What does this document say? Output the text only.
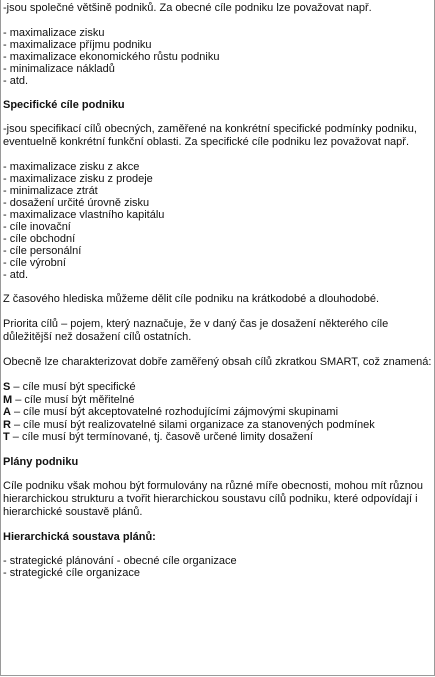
-jsou společné většině podniků. Za obecné cíle podniku lze považovat např.

- maximalizace zisku
- maximalizace příjmu podniku
- maximalizace ekonomického růstu podniku
- minimalizace nákladů
- atd.
Specifické cíle podniku

-jsou specifikací cílů obecných, zaměřené na konkrétní specifické podmínky podniku, eventuelně konkrétní funkční oblasti. Za specifické cíle podniku lez považovat např.

- maximalizace zisku z akce
- maximalizace zisku z prodeje
- minimalizace ztrát
- dosažení určité úrovně zisku
- maximalizace vlastního kapitálu
- cíle inovační
- cíle obchodní
- cíle personální
- cíle výrobní
- atd.

Z časového hlediska můžeme dělit cíle podniku na krátkodobé a dlouhodobé.

Priorita cílů – pojem, který naznačuje, že v daný čas je dosažení některého cíle důležitější než dosažení cílů ostatních.

Obecně lze charakterizovat dobře zaměřený obsah cílů zkratkou SMART, což znamená:

S – cíle musí být specifické
M – cíle musí být měřitelné
A – cíle musí být akceptovatelné rozhodujícími zájmovými skupinami
R – cíle musí být realizovatelné silami organizace za stanovených podmínek
T – cíle musí být termínované, tj. časově určené limity dosažení
Plány podniku

Cíle podniku však mohou být formulovány na různé míře obecnosti, mohou mít různou hierarchickou strukturu a tvořit hierarchickou soustavu cílů podniku, které odpovídají i hierarchické soustavě plánů.

Hierarchická soustava plánů:
- strategické plánování - obecné cíle organizace
- strategické cíle organizace
